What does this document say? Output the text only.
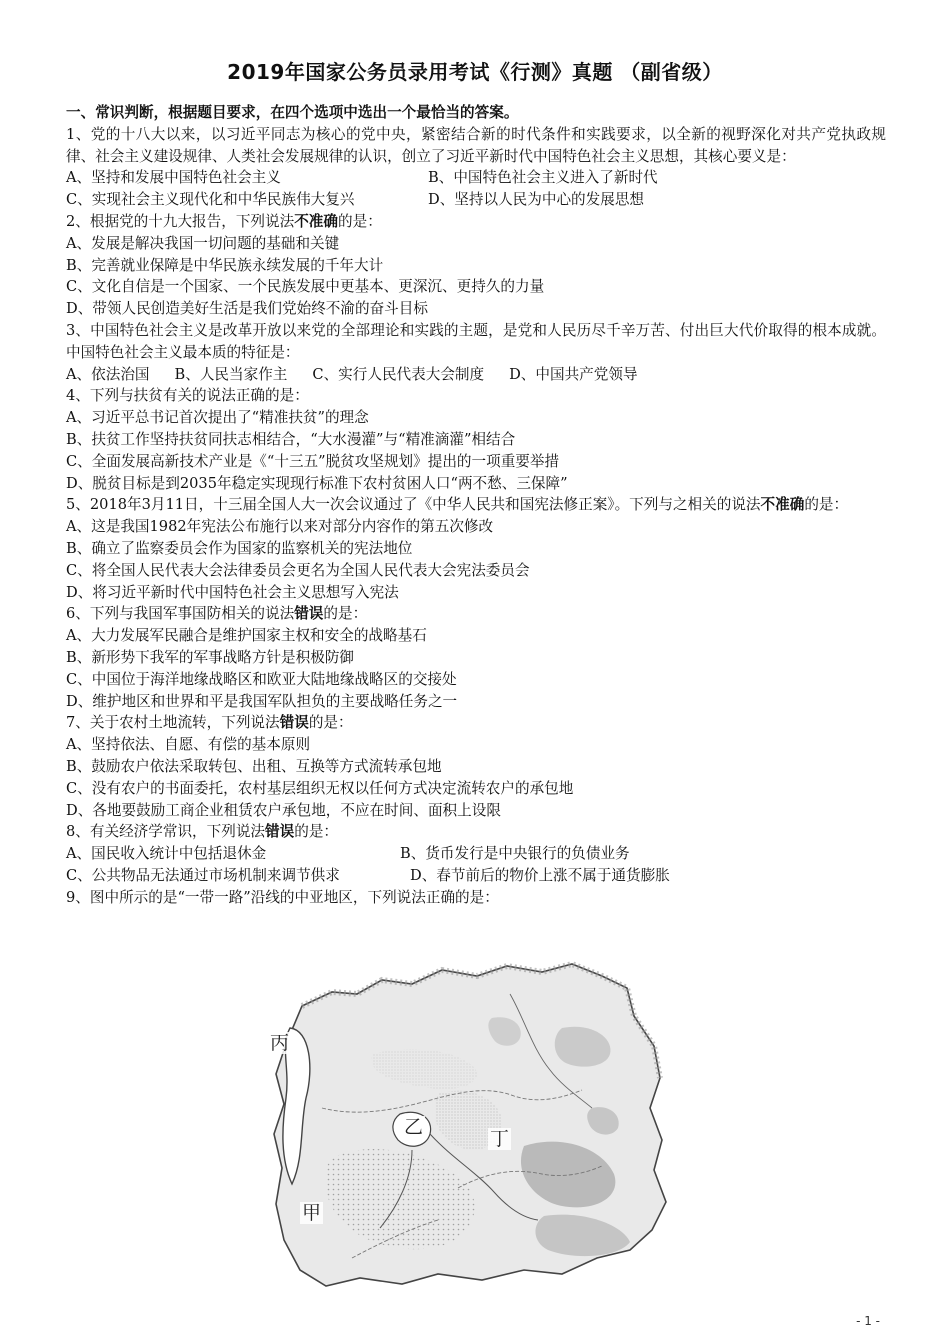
2019年国家公务员录用考试《行测》真题 （副省级）

一、常识判断，根据题目要求，在四个选项中选出一个最恰当的答案。

1、党的十八大以来，以习近平同志为核心的党中央，紧密结合新的时代条件和实践要求，以全新的视野深化对共产党执政规律、社会主义建设规律、人类社会发展规律的认识，创立了习近平新时代中国特色社会主义思想，其核心要义是：

A、坚持和发展中国特色社会主义	B、中国特色社会主义进入了新时代
C、实现社会主义现代化和中华民族伟大复兴	D、坚持以人民为中心的发展思想

2、根据党的十九大报告，下列说法不准确的是：

A、发展是解决我国一切问题的基础和关键

B、完善就业保障是中华民族永续发展的千年大计

C、文化自信是一个国家、一个民族发展中更基本、更深沉、更持久的力量

D、带领人民创造美好生活是我们党始终不渝的奋斗目标

3、中国特色社会主义是改革开放以来党的全部理论和实践的主题，是党和人民历尽千辛万苦、付出巨大代价取得的根本成就。中国特色社会主义最本质的特征是：

A、依法治国 B、人民当家作主 C、实行人民代表大会制度 D、中国共产党领导

4、下列与扶贫有关的说法正确的是：

A、习近平总书记首次提出了“精准扶贫”的理念

B、扶贫工作坚持扶贫同扶志相结合，“大水漫灌”与“精准滴灌”相结合

C、全面发展高新技术产业是《“十三五”脱贫攻坚规划》提出的一项重要举措

D、脱贫目标是到2035年稳定实现现行标准下农村贫困人口“两不愁、三保障”

5、2018年3月11日，十三届全国人大一次会议通过了《中华人民共和国宪法修正案》。下列与之相关的说法不准确的是：

A、这是我国1982年宪法公布施行以来对部分内容作的第五次修改

B、确立了监察委员会作为国家的监察机关的宪法地位

C、将全国人民代表大会法律委员会更名为全国人民代表大会宪法委员会

D、将习近平新时代中国特色社会主义思想写入宪法

6、下列与我国军事国防相关的说法错误的是：

A、大力发展军民融合是维护国家主权和安全的战略基石

B、新形势下我军的军事战略方针是积极防御

C、中国位于海洋地缘战略区和欧亚大陆地缘战略区的交接处

D、维护地区和世界和平是我国军队担负的主要战略任务之一

7、关于农村土地流转，下列说法错误的是：

A、坚持依法、自愿、有偿的基本原则

B、鼓励农户依法采取转包、出租、互换等方式流转承包地

C、没有农户的书面委托，农村基层组织无权以任何方式决定流转农户的承包地

D、各地要鼓励工商企业租赁农户承包地，不应在时间、面积上设限

8、有关经济学常识，下列说法错误的是：

A、国民收入统计中包括退休金	B、货币发行是中央银行的负债业务
C、公共物品无法通过市场机制来调节供求	D、春节前后的物价上涨不属于通货膨胀

9、图中所示的是“一带一路”沿线的中亚地区，下列说法正确的是：

丙
乙
丁
甲
- 1 -
